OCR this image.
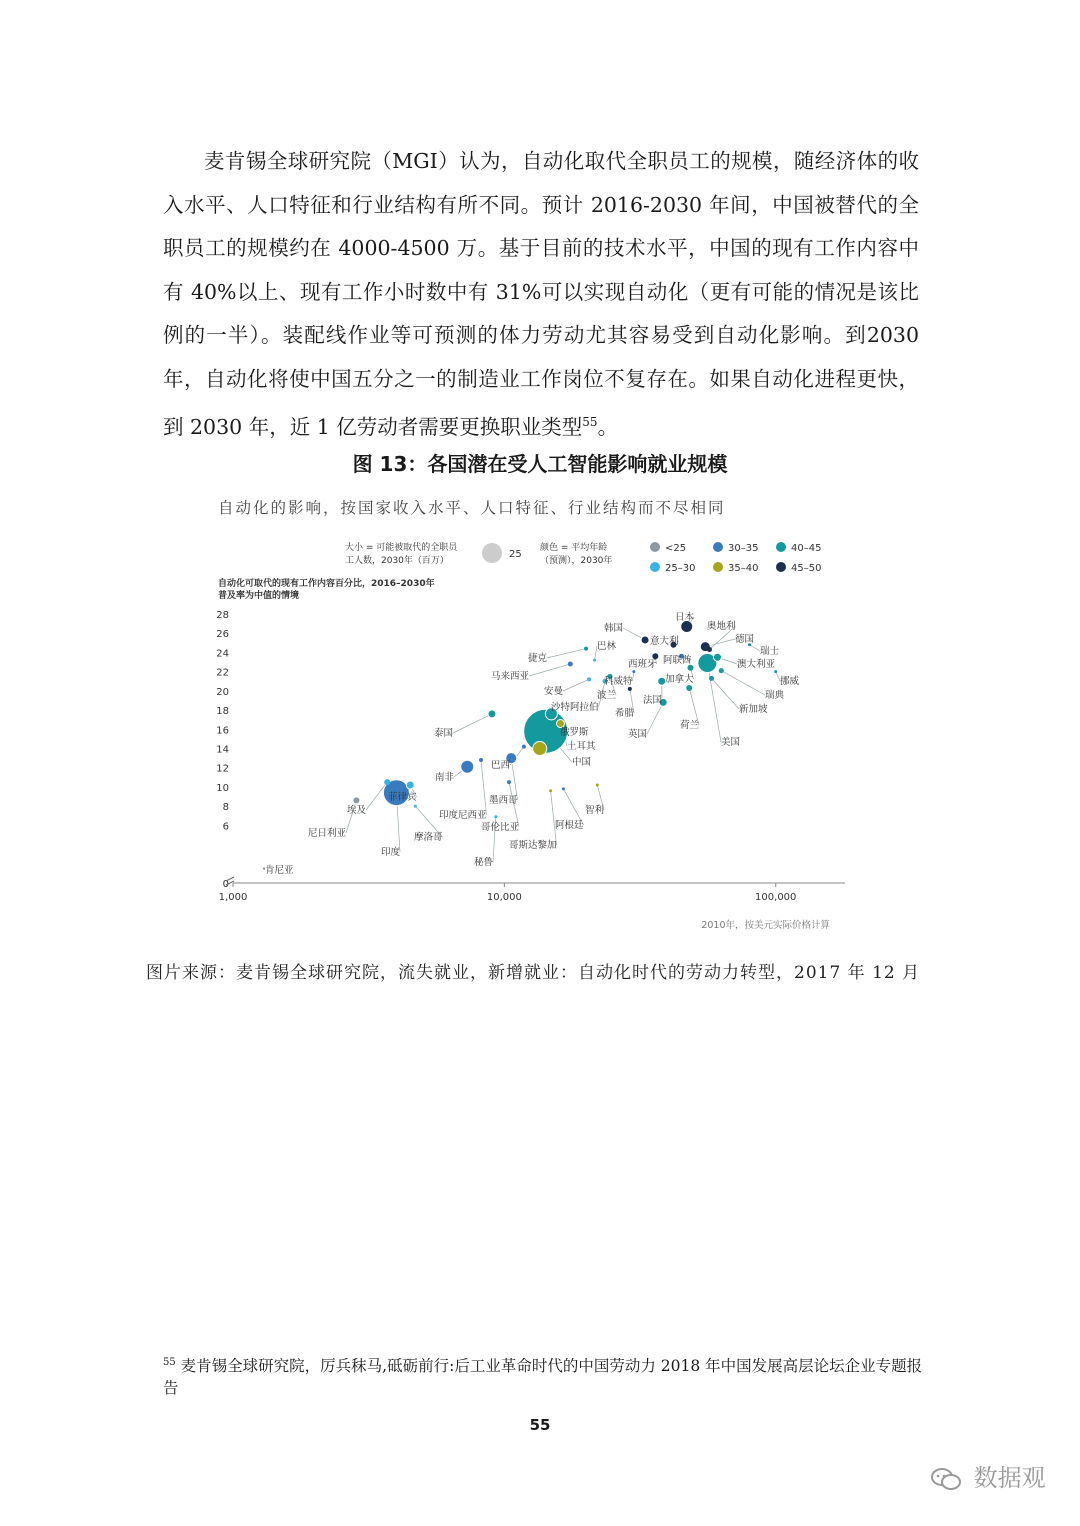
麦肯锡全球研究院（MGI）认为，自动化取代全职员工的规模，随经济体的收入水平、人口特征和行业结构有所不同。预计 2016-2030 年间，中国被替代的全职员工的规模约在 4000-4500 万。基于目前的技术水平，中国的现有工作内容中有 40%以上、现有工作小时数中有 31%可以实现自动化（更有可能的情况是该比例的一半）。装配线作业等可预测的体力劳动尤其容易受到自动化影响。到2030 年，自动化将使中国五分之一的制造业工作岗位不复存在。如果自动化进程更快，到 2030 年，近 1 亿劳动者需要更换职业类型$^{55}$。

图 13：各国潜在受人工智能影响就业规模
自动化的影响，按国家收入水平、人口特征、行业结构而不尽相同
大小 = 可能被取代的全职员
工人数，2030年（百万）
25
颜色 = 平均年龄
（预测），2030年
<25
25–30
30–35
35–40
40–45
45–50
自动化可取代的现有工作内容百分比，2016–2030年
普及率为中值的情境
0
6
8
10
12
14
16
18
20
22
24
26
28
1,000	10,000	100,000
肯尼亚
尼日利亚
埃及
印度
菲律宾
摩洛哥
南非
印度尼西亚
秘鲁
哥伦比亚
墨西哥
巴西
泰国
哥斯达黎加
阿根廷
智利
中国
俄罗斯
土耳其
马来西亚
捷克
安曼
巴林
沙特阿拉伯
波兰
科威特
希腊
韩国
西班牙
法国
意大利
阿联酋
英国
加拿大
荷兰
日本
德国
奥地利
美国
澳大利亚
瑞士
挪威
瑞典
新加坡
2010年，按美元实际价格计算
图片来源：麦肯锡全球研究院，流失就业，新增就业：自动化时代的劳动力转型，2017 年 12 月
$^{55}$ 麦肯锡全球研究院，厉兵秣马,砥砺前行:后工业革命时代的中国劳动力 2018 年中国发展高层论坛企业专题报告
55
数据观
